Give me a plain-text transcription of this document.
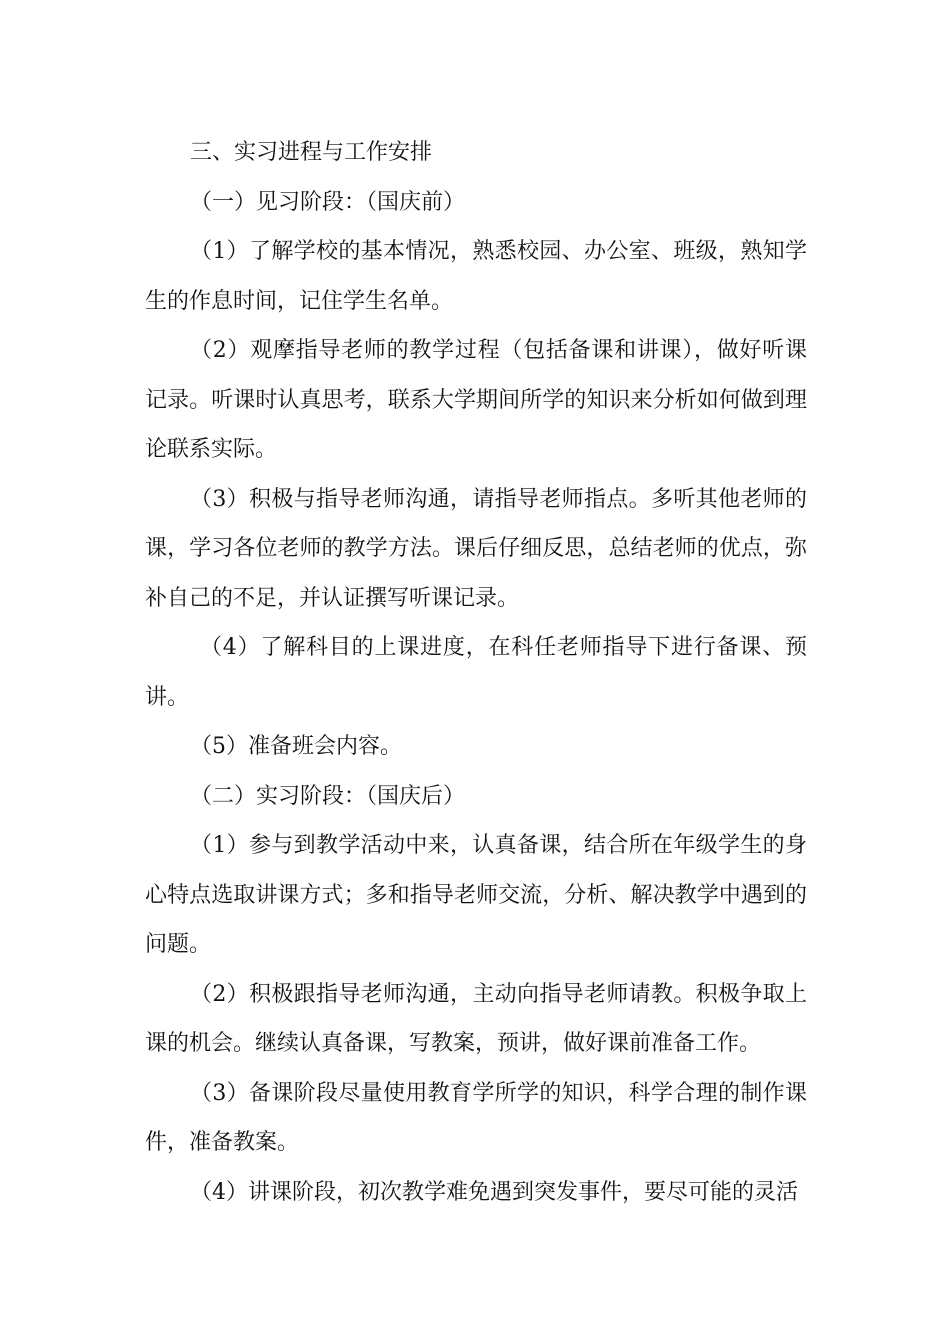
三、实习进程与工作安排

（一）见习阶段：（国庆前）

（1）了解学校的基本情况，熟悉校园、办公室、班级，熟知学生的作息时间，记住学生名单。

（2）观摩指导老师的教学过程（包括备课和讲课），做好听课记录。听课时认真思考，联系大学期间所学的知识来分析如何做到理论联系实际。

（3）积极与指导老师沟通，请指导老师指点。多听其他老师的课，学习各位老师的教学方法。课后仔细反思，总结老师的优点，弥补自己的不足，并认证撰写听课记录。

（4）了解科目的上课进度，在科任老师指导下进行备课、预讲。

（5）准备班会内容。

（二）实习阶段：（国庆后）

（1）参与到教学活动中来，认真备课，结合所在年级学生的身心特点选取讲课方式；多和指导老师交流，分析、解决教学中遇到的问题。

（2）积极跟指导老师沟通，主动向指导老师请教。积极争取上课的机会。继续认真备课，写教案，预讲，做好课前准备工作。

（3）备课阶段尽量使用教育学所学的知识，科学合理的制作课件，准备教案。

（4）讲课阶段，初次教学难免遇到突发事件，要尽可能的灵活
